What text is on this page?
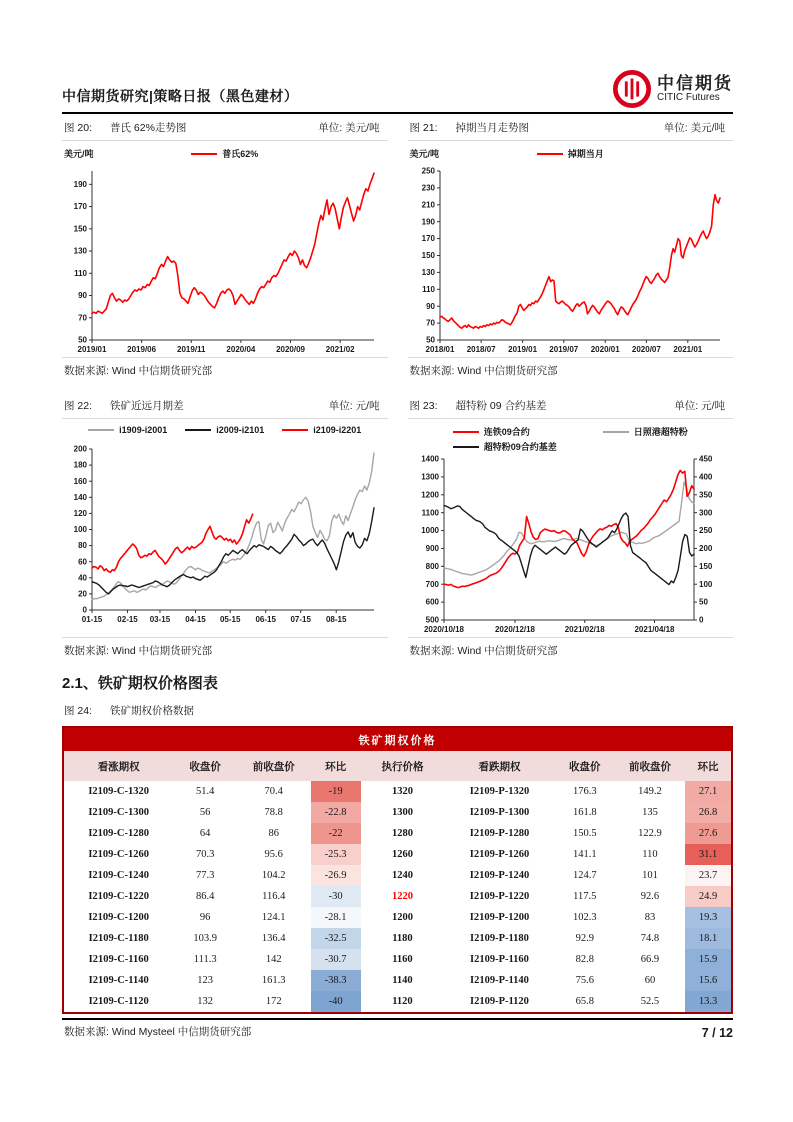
中信期货研究|策略日报（黑色建材）
中信期货
CITIC Futures
图 20:	普氏 62%走势图	单位: 美元/吨
美元/吨	普氏62%
50
70
90
110
130
150
170
190
2019/01	2019/06	2019/11	2020/04	2020/09	2021/02
数据来源: Wind 中信期货研究部
图 21:	掉期当月走势图	单位: 美元/吨
美元/吨	掉期当月
50
70
90
110
130
150
170
190
210
230
250
2018/01 2018/07 2019/01 2019/07 2020/01 2020/07 2021/01
数据来源: Wind 中信期货研究部
图 22:	铁矿近远月期差	单位: 元/吨
i1909-i2001	i2009-i2101	i2109-i2201
0
20
40
60
80
100
120
140
160
180
200
01-15 02-15 03-15 04-15 05-15 06-15 07-15 08-15
数据来源: Wind 中信期货研究部
图 23:	超特粉 09 合约基差	单位: 元/吨
连铁09合约	日照港超特粉
超特粉09合约基差
500
600
700
800
900
1000
1100
1200
1300
1400
0
50
100
150
200
250
300
350
400
450
2020/10/18	2020/12/18	2021/02/18	2021/04/18
数据来源: Wind 中信期货研究部
2.1、铁矿期权价格图表
图 24:	铁矿期权价格数据
铁矿期权价格								
看涨期权	收盘价	前收盘价	环比	执行价格	看跌期权	收盘价	前收盘价	环比
I2109-C-1320	51.4	70.4	-19	1320	I2109-P-1320	176.3	149.2	27.1
I2109-C-1300	56	78.8	-22.8	1300	I2109-P-1300	161.8	135	26.8
I2109-C-1280	64	86	-22	1280	I2109-P-1280	150.5	122.9	27.6
I2109-C-1260	70.3	95.6	-25.3	1260	I2109-P-1260	141.1	110	31.1
I2109-C-1240	77.3	104.2	-26.9	1240	I2109-P-1240	124.7	101	23.7
I2109-C-1220	86.4	116.4	-30	1220	I2109-P-1220	117.5	92.6	24.9
I2109-C-1200	96	124.1	-28.1	1200	I2109-P-1200	102.3	83	19.3
I2109-C-1180	103.9	136.4	-32.5	1180	I2109-P-1180	92.9	74.8	18.1
I2109-C-1160	111.3	142	-30.7	1160	I2109-P-1160	82.8	66.9	15.9
I2109-C-1140	123	161.3	-38.3	1140	I2109-P-1140	75.6	60	15.6
I2109-C-1120	132	172	-40	1120	I2109-P-1120	65.8	52.5	13.3
数据来源: Wind Mysteel 中信期货研究部	7 / 12
